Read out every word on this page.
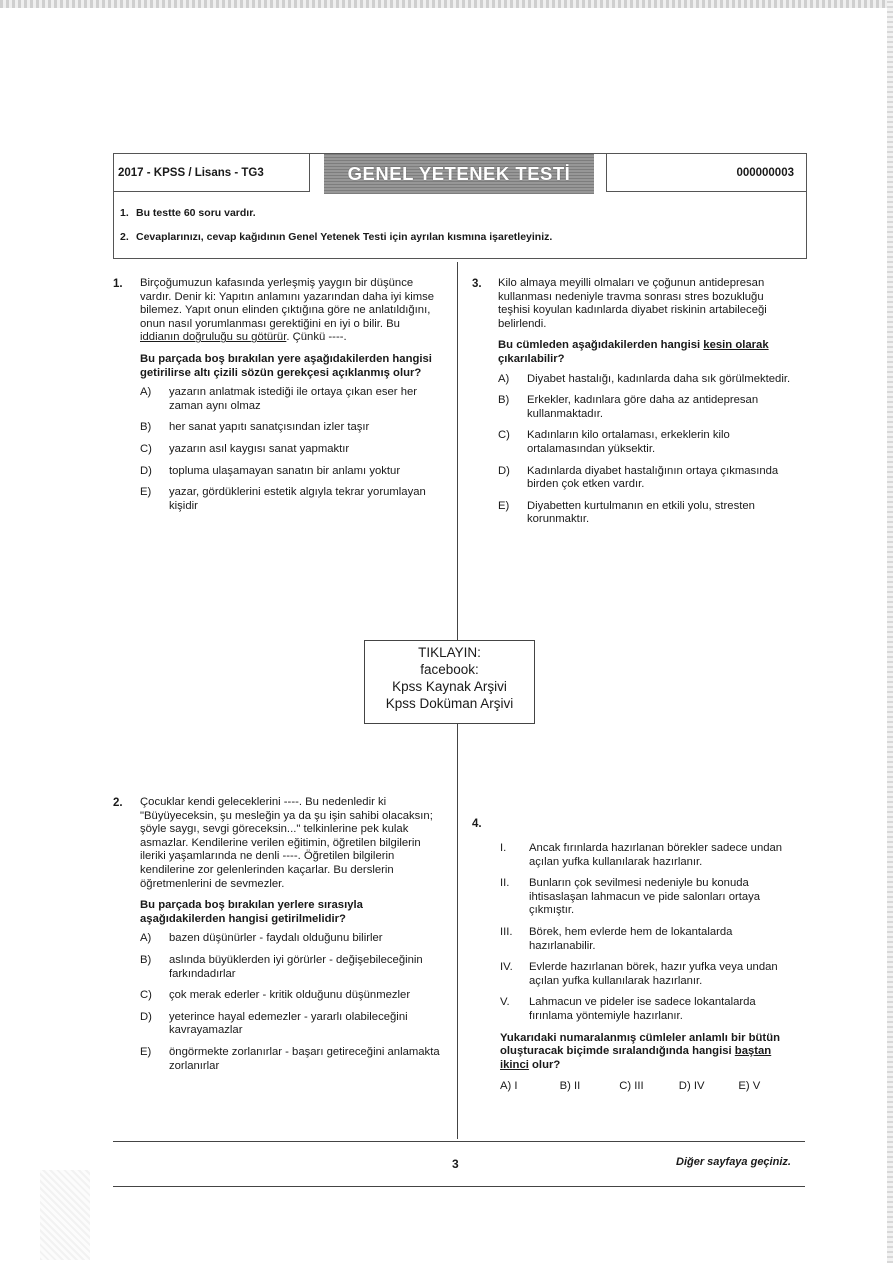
2017 - KPSS / Lisans - TG3	GENEL YETENEK TESTİ	000000003
1. Bu testte 60 soru vardır.
2. Cevaplarınızı, cevap kağıdının Genel Yetenek Testi için ayrılan kısmına işaretleyiniz.
1. Birçoğumuzun kafasında yerleşmiş yaygın bir düşünce vardır. Denir ki: Yapıtın anlamını yazarından daha iyi kimse bilemez. Yapıt onun elinden çıktığına göre ne anlatıldığını, onun nasıl yorumlanması gerektiğini en iyi o bilir. Bu iddianın doğruluğu su götürür. Çünkü ----.

Bu parçada boş bırakılan yere aşağıdakilerden hangisi getirilirse altı çizili sözün gerekçesi açıklanmış olur?

A)	yazarın anlatmak istediği ile ortaya çıkan eser her zaman aynı olmaz
B)	her sanat yapıtı sanatçısından izler taşır
C)	yazarın asıl kaygısı sanat yapmaktır
D)	topluma ulaşamayan sanatın bir anlamı yoktur
E)	yazar, gördüklerini estetik algıyla tekrar yorumlayan kişidir
3. Kilo almaya meyilli olmaları ve çoğunun antidepresan kullanması nedeniyle travma sonrası stres bozukluğu teşhisi koyulan kadınlarda diyabet riskinin artabileceği belirlendi.

Bu cümleden aşağıdakilerden hangisi kesin olarak çıkarılabilir?

A)	Diyabet hastalığı, kadınlarda daha sık görülmektedir.
B)	Erkekler, kadınlara göre daha az antidepresan kullanmaktadır.
C)	Kadınların kilo ortalaması, erkeklerin kilo ortalamasından yüksektir.
D)	Kadınlarda diyabet hastalığının ortaya çıkmasında birden çok etken vardır.
E)	Diyabetten kurtulmanın en etkili yolu, stresten korunmaktır.
TIKLAYIN:
facebook:
Kpss Kaynak Arşivi
Kpss Doküman Arşivi
2. Çocuklar kendi geleceklerini ----. Bu nedenledir ki "Büyüyeceksin, şu mesleğin ya da şu işin sahibi olacaksın; şöyle saygı, sevgi göreceksin..." telkinlerine pek kulak asmazlar. Kendilerine verilen eğitimin, öğretilen bilgilerin ileriki yaşamlarında ne denli ----. Öğretilen bilgilerin kendilerine zor gelenlerinden kaçarlar. Bu derslerin öğretmenlerini de sevmezler.

Bu parçada boş bırakılan yerlere sırasıyla aşağıdakilerden hangisi getirilmelidir?

A)	bazen düşünürler - faydalı olduğunu bilirler
B)	aslında büyüklerden iyi görürler - değişebileceğinin farkındadırlar
C)	çok merak ederler - kritik olduğunu düşünmezler
D)	yeterince hayal edemezler - yararlı olabileceğini kavrayamazlar
E)	öngörmekte zorlanırlar - başarı getireceğini anlamakta zorlanırlar
4.
I.	Ancak fırınlarda hazırlanan börekler sadece undan açılan yufka kullanılarak hazırlanır.
II.	Bunların çok sevilmesi nedeniyle bu konuda ihtisaslaşan lahmacun ve pide salonları ortaya çıkmıştır.
III.	Börek, hem evlerde hem de lokantalarda hazırlanabilir.
IV.	Evlerde hazırlanan börek, hazır yufka veya undan açılan yufka kullanılarak hazırlanır.
V.	Lahmacun ve pideler ise sadece lokantalarda fırınlama yöntemiyle hazırlanır.

Yukarıdaki numaralanmış cümleler anlamlı bir bütün oluşturacak biçimde sıralandığında hangisi baştan ikinci olur?

A) I	B) II	C) III	D) IV	E) V
3	Diğer sayfaya geçiniz.
